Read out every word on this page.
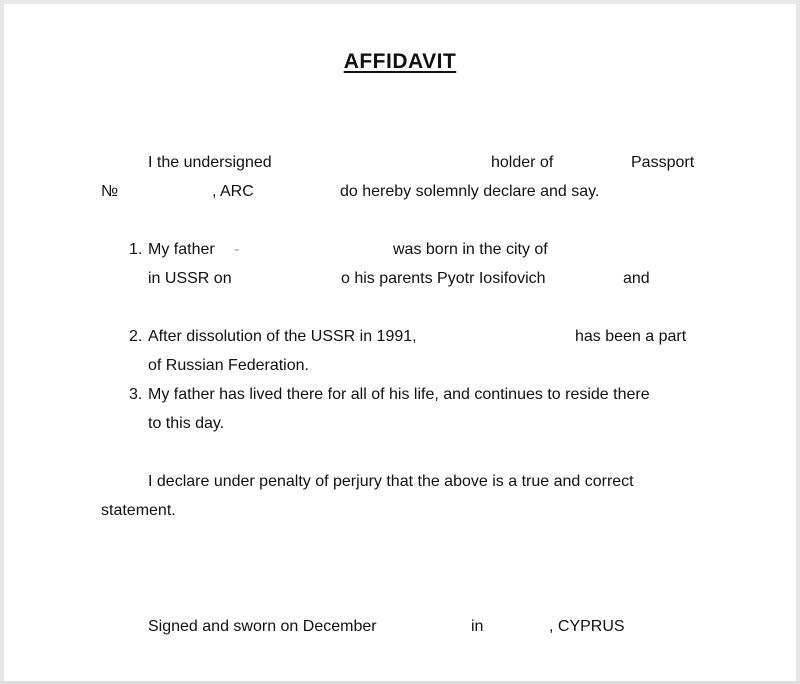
AFFIDAVIT
I the undersigned	holder of	Passport
№	, ARC	do hereby solemnly declare and say.
1. My father -	was born in the city of
in USSR on	o his parents Pyotr Iosifovich	and
2. After dissolution of the USSR in 1991,	has been a part
of Russian Federation.
3. My father has lived there for all of his life, and continues to reside there
to this day.
I declare under penalty of perjury that the above is a true and correct
statement.
Signed and sworn on December	in	, CYPRUS
